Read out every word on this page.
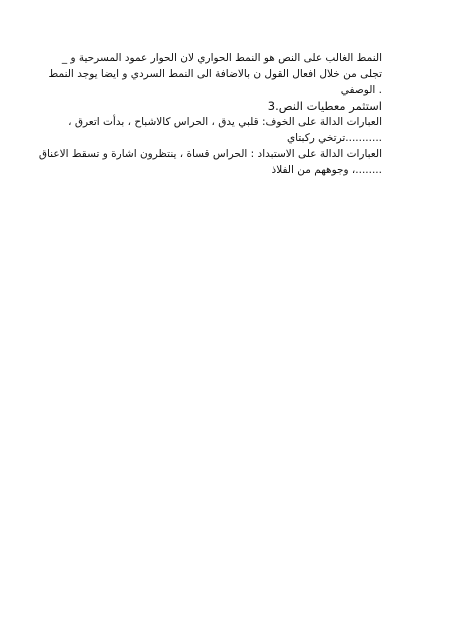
النمط الغالب على النص هو النمط الحواري لان الحوار عمود المسرحية و _
تجلى من خلال افعال القول ن بالاضافة الى النمط السردي و ايضا يوجد النمط
. الوصفي
استثمر معطيات النص.3
العبارات الدالة على الخوف: قلبي يدق ، الحراس كالاشباح ، بدأت اتعرق ،
...........ترتخي ركبتاي
العبارات الدالة على الاستبداد : الحراس قساة ، ينتظرون اشارة و تسقط الاعناق
........، وجوههم من الفلاذ
